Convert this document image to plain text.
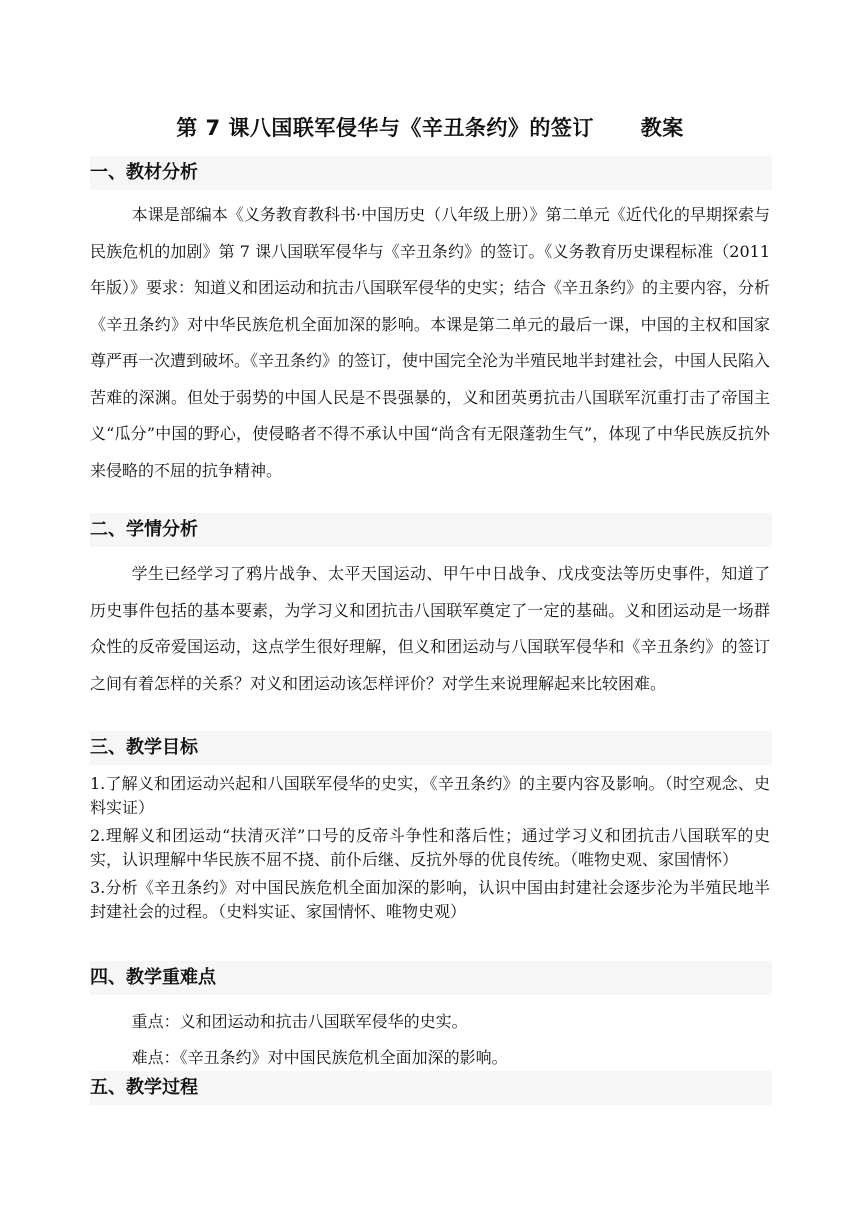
第 7 课八国联军侵华与《辛丑条约》的签订      教案
一、教材分析

本课是部编本《义务教育教科书·中国历史（八年级上册）》第二单元《近代化的早期探索与民族危机的加剧》第 7 课八国联军侵华与《辛丑条约》的签订。《义务教育历史课程标准（2011 年版）》要求：知道义和团运动和抗击八国联军侵华的史实；结合《辛丑条约》的主要内容，分析《辛丑条约》对中华民族危机全面加深的影响。本课是第二单元的最后一课，中国的主权和国家尊严再一次遭到破坏。《辛丑条约》的签订，使中国完全沦为半殖民地半封建社会，中国人民陷入苦难的深渊。但处于弱势的中国人民是不畏强暴的，义和团英勇抗击八国联军沉重打击了帝国主义“瓜分”中国的野心，使侵略者不得不承认中国“尚含有无限蓬勃生气”，体现了中华民族反抗外来侵略的不屈的抗争精神。

二、学情分析

学生已经学习了鸦片战争、太平天国运动、甲午中日战争、戊戌变法等历史事件，知道了历史事件包括的基本要素，为学习义和团抗击八国联军奠定了一定的基础。义和团运动是一场群众性的反帝爱国运动，这点学生很好理解，但义和团运动与八国联军侵华和《辛丑条约》的签订之间有着怎样的关系？对义和团运动该怎样评价？对学生来说理解起来比较困难。

三、教学目标

1.了解义和团运动兴起和八国联军侵华的史实，《辛丑条约》的主要内容及影响。（时空观念、史料实证）

2.理解义和团运动“扶清灭洋”口号的反帝斗争性和落后性；通过学习义和团抗击八国联军的史实，认识理解中华民族不屈不挠、前仆后继、反抗外辱的优良传统。（唯物史观、家国情怀）

3.分析《辛丑条约》对中国民族危机全面加深的影响，认识中国由封建社会逐步沦为半殖民地半封建社会的过程。（史料实证、家国情怀、唯物史观）

四、教学重难点
重点：义和团运动和抗击八国联军侵华的史实。
难点：《辛丑条约》对中国民族危机全面加深的影响。
五、教学过程
